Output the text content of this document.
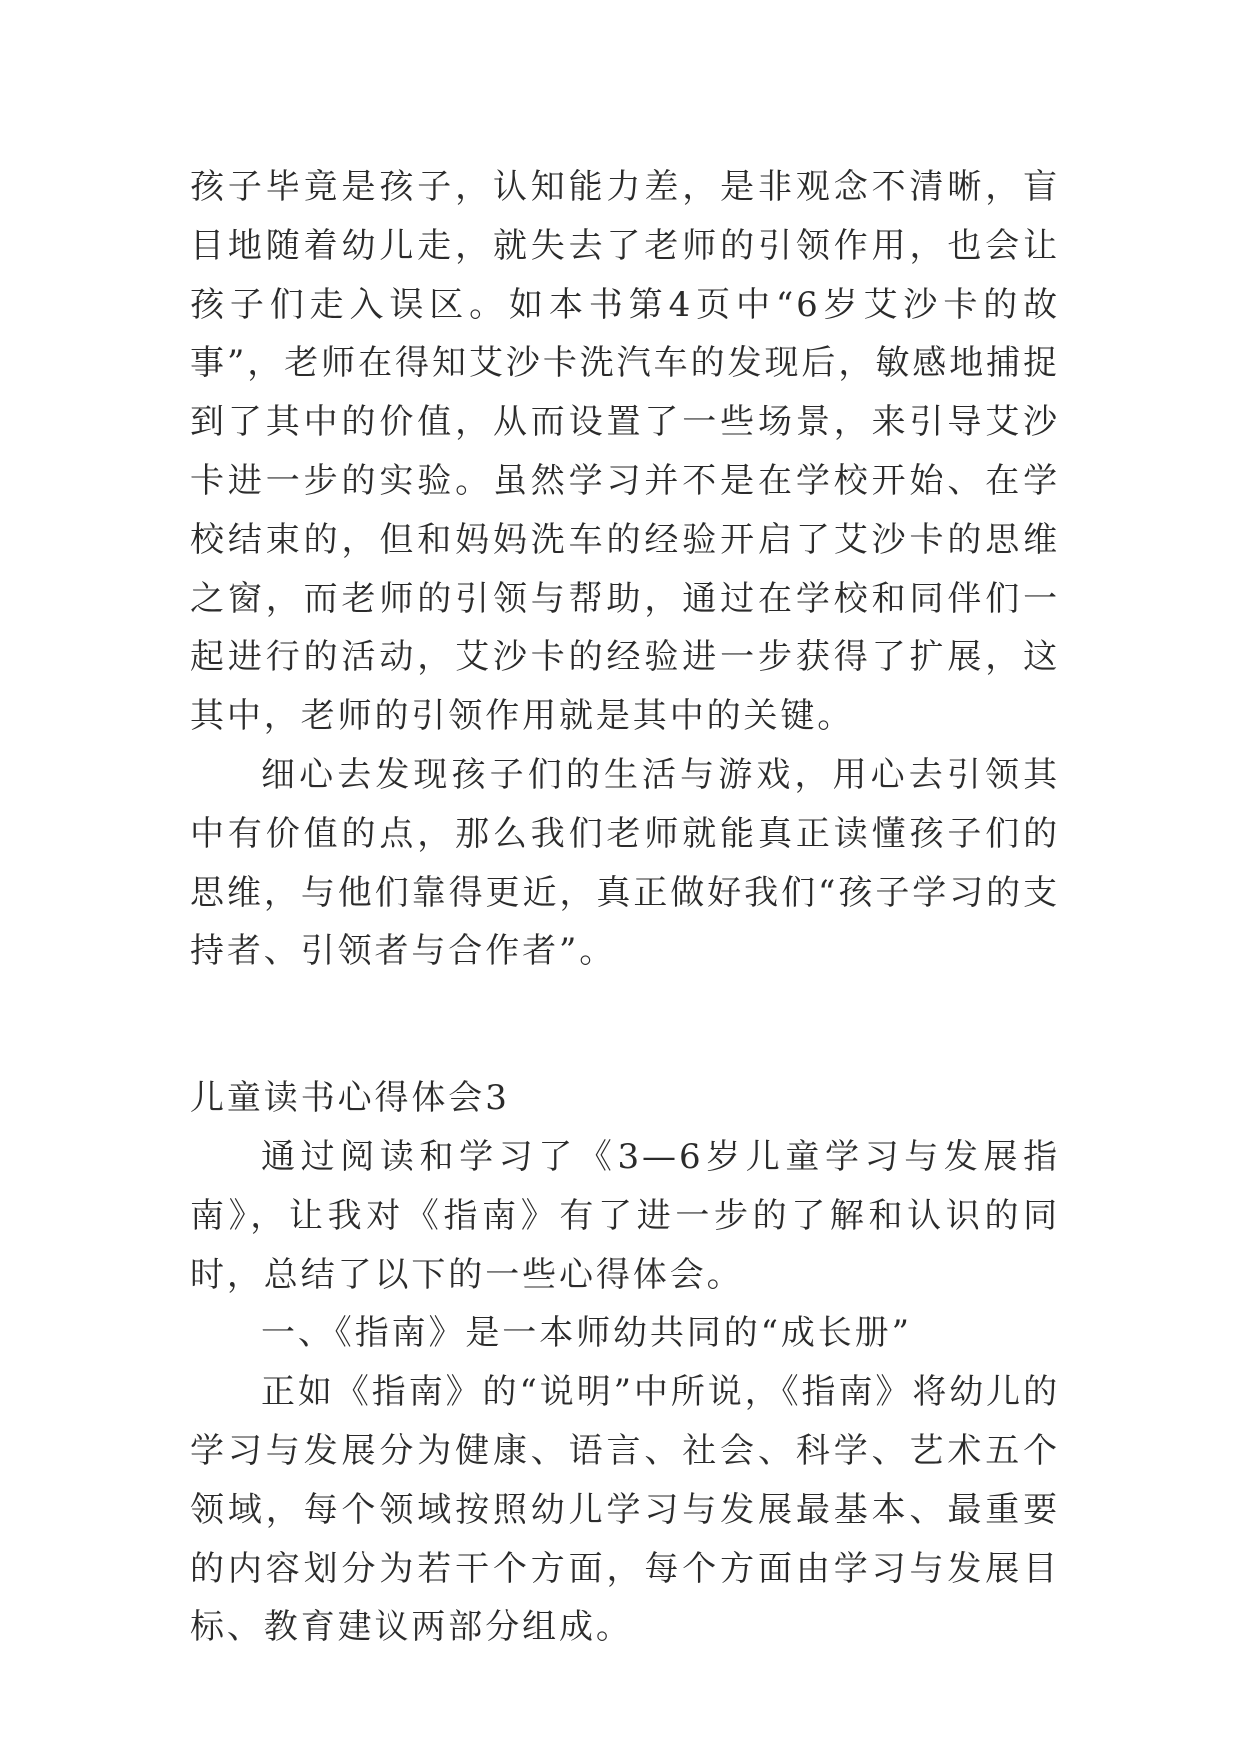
孩子毕竟是孩子，认知能力差，是非观念不清晰，盲目地随着幼儿走，就失去了老师的引领作用，也会让孩子们走入误区。如本书第4页中“6岁艾沙卡的故事”，老师在得知艾沙卡洗汽车的发现后，敏感地捕捉到了其中的价值，从而设置了一些场景，来引导艾沙卡进一步的实验。虽然学习并不是在学校开始、在学校结束的，但和妈妈洗车的经验开启了艾沙卡的思维之窗，而老师的引领与帮助，通过在学校和同伴们一起进行的活动，艾沙卡的经验进一步获得了扩展，这其中，老师的引领作用就是其中的关键。

细心去发现孩子们的生活与游戏，用心去引领其中有价值的点，那么我们老师就能真正读懂孩子们的思维，与他们靠得更近，真正做好我们“孩子学习的支持者、引领者与合作者”。

儿童读书心得体会3

通过阅读和学习了《3—6岁儿童学习与发展指南》，让我对《指南》有了进一步的了解和认识的同时，总结了以下的一些心得体会。

一、《指南》是一本师幼共同的“成长册”

正如《指南》的“说明”中所说，《指南》将幼儿的学习与发展分为健康、语言、社会、科学、艺术五个领域，每个领域按照幼儿学习与发展最基本、最重要的内容划分为若干个方面，每个方面由学习与发展目标、教育建议两部分组成。
